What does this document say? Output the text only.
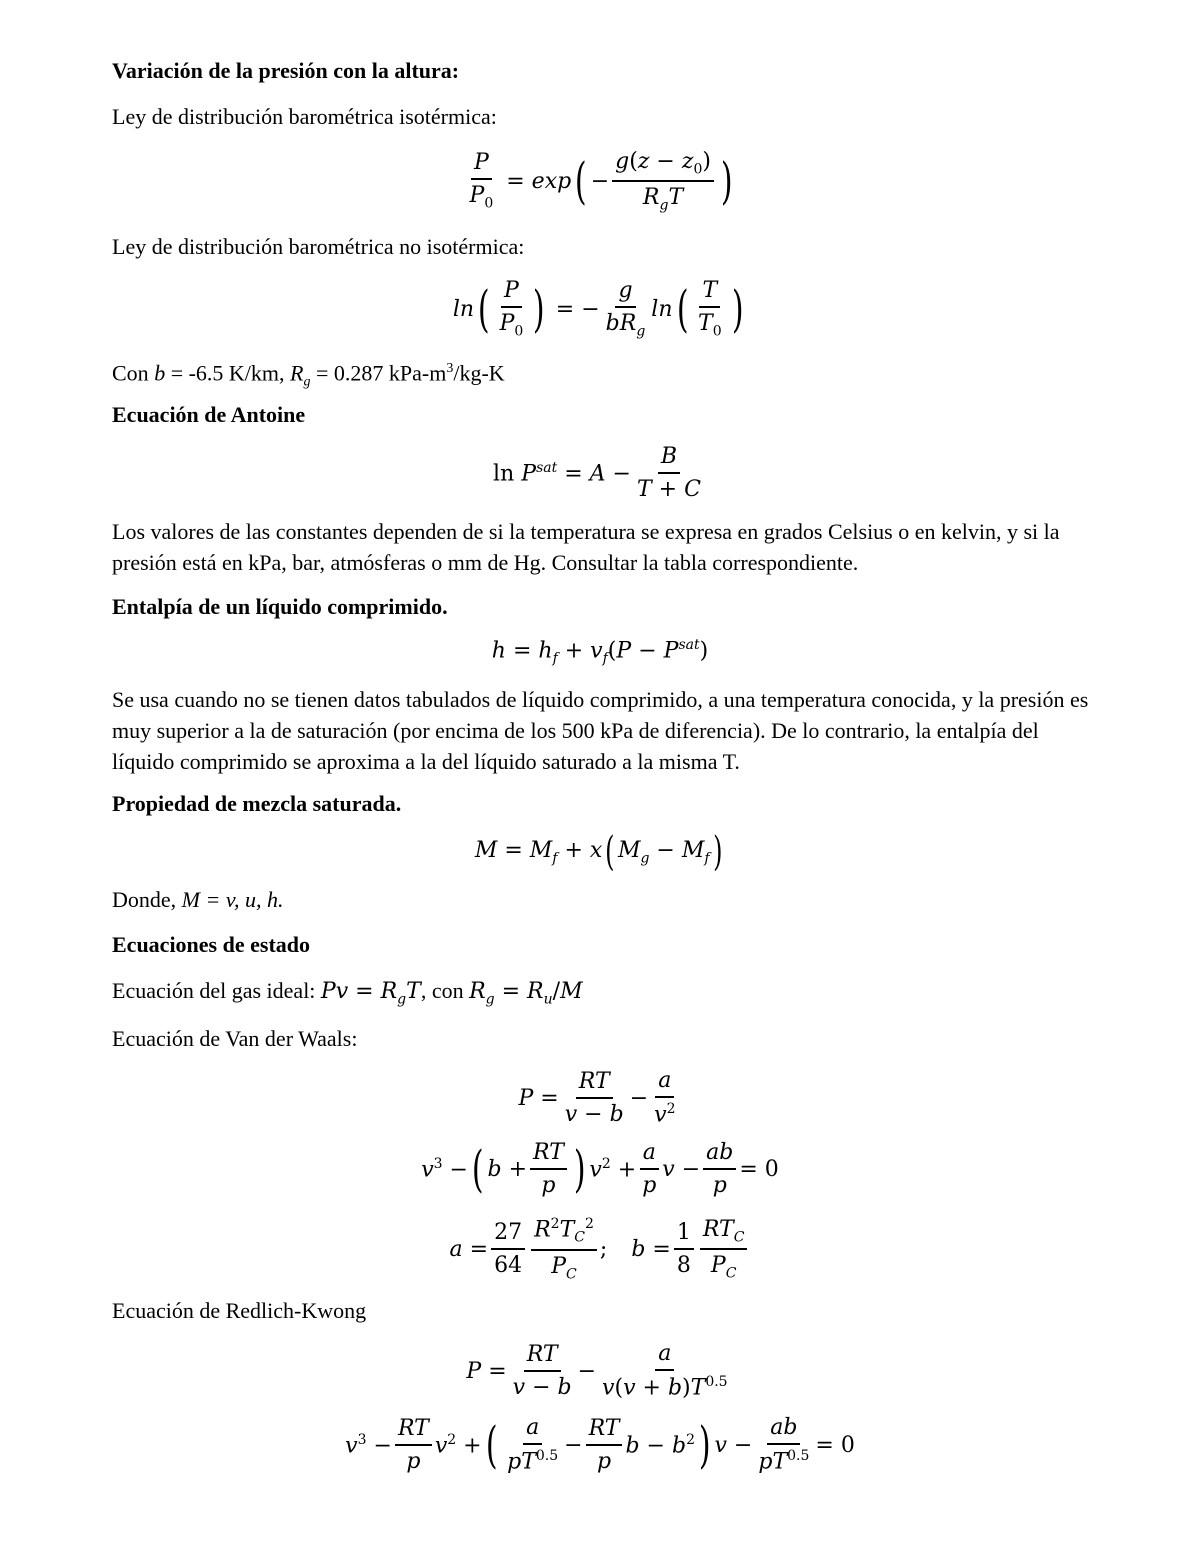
Variación de la presión con la altura:
Ley de distribución barométrica isotérmica:
$\frac{P}{P_0} = \exp$ ( − $\frac{g(z - z_0)}{R_gT}$ )
Ley de distribución barométrica no isotérmica:
ln ( $\frac{P}{P_0}$ ) = − $\frac{g}{bR_g}$ ln ( $\frac{T}{T_0}$ )
Con b = -6.5 K/km, $R_g = 0.287$ kPa-$m^3/kg-K$
Ecuación de Antoine
$\ln P^{sat} = A - \frac{B}{T + C}$
Los valores de las constantes dependen de si la temperatura se expresa en grados Celsius o en kelvin, y si la presión está en kPa, bar, atmósferas o mm de Hg. Consultar la tabla correspondiente.
Entalpía de un líquido comprimido.
$h = h_f + v_f(P - P^{sat})$
Se usa cuando no se tienen datos tabulados de líquido comprimido, a una temperatura conocida, y la presión es muy superior a la de saturación (por encima de los 500 kPa de diferencia). De lo contrario, la entalpía del líquido comprimido se aproxima a la del líquido saturado a la misma T.
Propiedad de mezcla saturada.
$M = M_f + x$ ( $M_g - M_f$ )
Donde, M = v, u, h.
Ecuaciones de estado
Ecuación del gas ideal: $Pv = R_gT$, con $R_g = R_u/M$
Ecuación de Van der Waals:
$P = \frac{RT}{v - b} - \frac{a}{v^2}$
$v^3$ − ( $b + \frac{RT}{p}$ ) $v^2 + \frac{a}{p}$ $v - \frac{ab}{p} = 0$
$a = \frac{27}{64} \frac{R^2T_C^2}{P_C}$ ; $b = \frac{1}{8} \frac{RT_C}{P_C}$
Ecuación de Redlich-Kwong
$P = \frac{RT}{v - b} - \frac{a}{v(v + b)T^{0.5}}$
$v^3 - \frac{RT}{p} v^2$ + ( $\frac{a}{pT^{0.5}} - \frac{RT}{p}$ $b - b^2$ ) $v - \frac{ab}{pT^{0.5}} = 0$
